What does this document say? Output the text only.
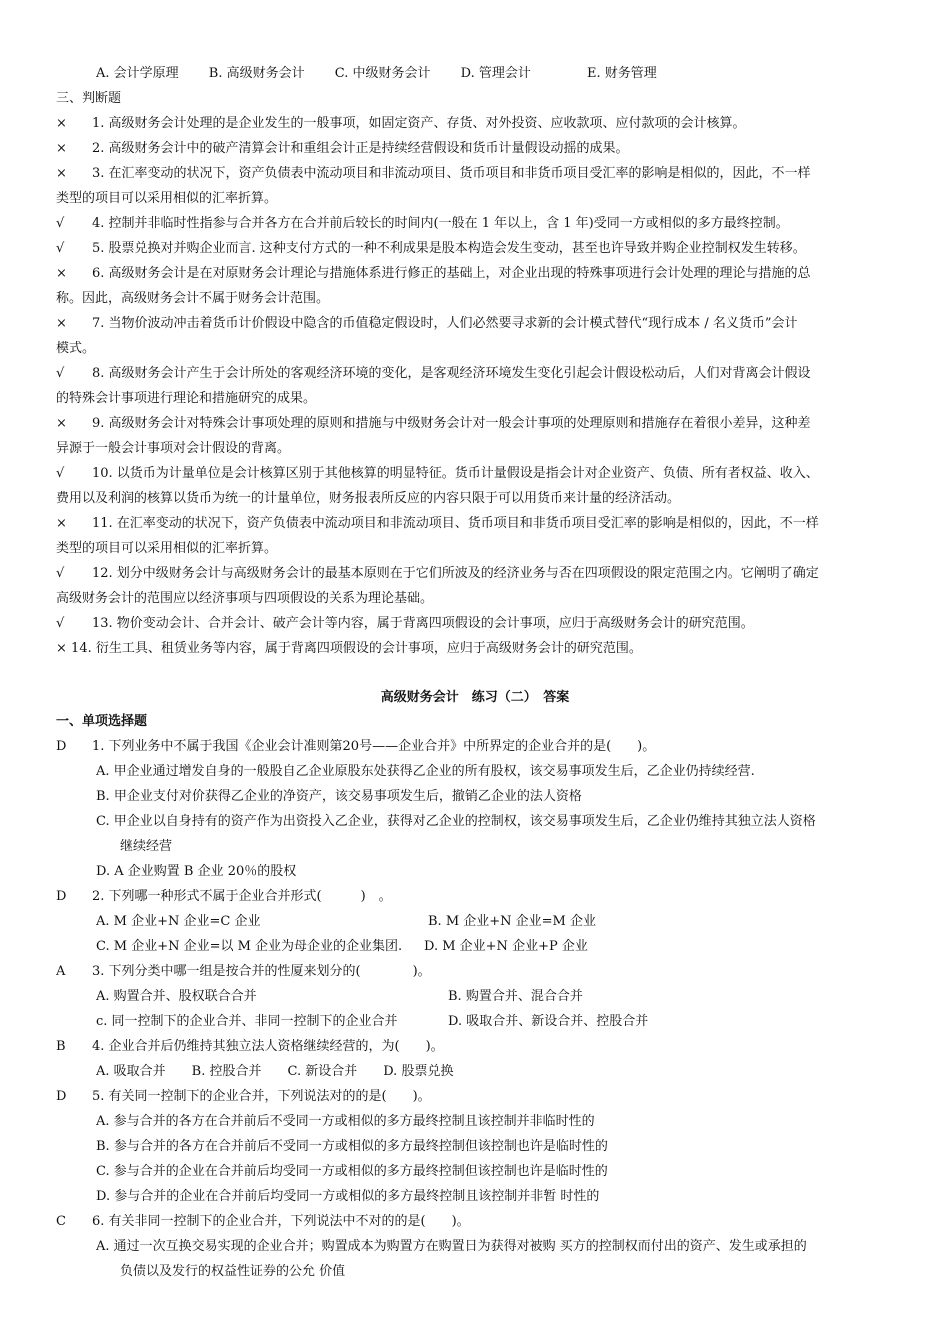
A. 会计学原理 B. 高级财务会计 C. 中级财务会计 D. 管理会计	E. 财务管理
三、判断题
× 1. 高级财务会计处理的是企业发生的一般事项，如固定资产、存货、对外投资、应收款项、应付款项的会计核算。
× 2. 高级财务会计中的破产清算会计和重组会计正是持续经营假设和货币计量假设动摇的成果。
× 3. 在汇率变动的状况下，资产负债表中流动项目和非流动项目、货币项目和非货币项目受汇率的影响是相似的，因此，不一样
类型的项目可以采用相似的汇率折算。
√ 4. 控制并非临时性指参与合并各方在合并前后较长的时间内(一般在 1 年以上，含 1 年)受同一方或相似的多方最终控制。
√ 5. 股票兑换对并购企业而言. 这种支付方式的一种不利成果是股本构造会发生变动，甚至也许导致并购企业控制权发生转移。
× 6. 高级财务会计是在对原财务会计理论与措施体系进行修正的基础上，对企业出现的特殊事项进行会计处理的理论与措施的总
称。因此，高级财务会计不属于财务会计范围。
× 7. 当物价波动冲击着货币计价假设中隐含的币值稳定假设时，人们必然要寻求新的会计模式替代“现行成本 / 名义货币”会计
模式。
√ 8. 高级财务会计产生于会计所处的客观经济环境的变化，是客观经济环境发生变化引起会计假设松动后，人们对背离会计假设
的特殊会计事项进行理论和措施研究的成果。
× 9. 高级财务会计对特殊会计事项处理的原则和措施与中级财务会计对一般会计事项的处理原则和措施存在着很小差异，这种差
异源于一般会计事项对会计假设的背离。
√ 10. 以货币为计量单位是会计核算区别于其他核算的明显特征。货币计量假设是指会计对企业资产、负债、所有者权益、收入、
费用以及利润的核算以货币为统一的计量单位，财务报表所反应的内容只限于可以用货币来计量的经济活动。
× 11. 在汇率变动的状况下，资产负债表中流动项目和非流动项目、货币项目和非货币项目受汇率的影响是相似的，因此，不一样
类型的项目可以采用相似的汇率折算。
√ 12. 划分中级财务会计与高级财务会计的最基本原则在于它们所波及的经济业务与否在四项假设的限定范围之内。它阐明了确定
高级财务会计的范围应以经济事项与四项假设的关系为理论基础。
√ 13. 物价变动会计、合并会计、破产会计等内容，属于背离四项假设的会计事项，应归于高级财务会计的研究范围。
× 14. 衍生工具、租赁业务等内容，属于背离四项假设的会计事项，应归于高级财务会计的研究范围。
高级财务会计　练习（二）　答案
一、单项选择题
D 1. 下列业务中不属于我国《企业会计准则第20号——企业合并》中所界定的企业合并的是(　　)。
A. 甲企业通过增发自身的一般股自乙企业原股东处获得乙企业的所有股权，该交易事项发生后，乙企业仍持续经营.
B. 甲企业支付对价获得乙企业的净资产，该交易事项发生后，撤销乙企业的法人资格
C. 甲企业以自身持有的资产作为出资投入乙企业，获得对乙企业的控制权，该交易事项发生后，乙企业仍维持其独立法人资格
继续经营
D. A 企业购置 B 企业 20％的股权
D 2. 下列哪一种形式不属于企业合并形式(　　　)　。
A. M 企业+N 企业=C 企业	B. M 企业+N 企业=M 企业
C. M 企业+N 企业=以 M 企业为母企业的企业集团. D. M 企业+N 企业+P 企业
A 3. 下列分类中哪一组是按合并的性厦来划分的(　　　　)。
A. 购置合并、股权联合合并	B. 购置合并、混合合并
c. 同一控制下的企业合并、非同一控制下的企业合并	D. 吸取合并、新设合并、控股合并
B 4. 企业合并后仍维持其独立法人资格继续经营的，为(　　)。
A. 吸取合并　　B. 控股合并　　C. 新设合并　　D. 股票兑换
D 5. 有关同一控制下的企业合并，下列说法对的的是(　　)。
A. 参与合并的各方在合并前后不受同一方或相似的多方最终控制且该控制并非临时性的
B. 参与合并的各方在合并前后不受同一方或相似的多方最终控制但该控制也许是临时性的
C. 参与合并的企业在合并前后均受同一方或相似的多方最终控制但该控制也许是临时性的
D. 参与合并的企业在合并前后均受同一方或相似的多方最终控制且该控制并非暂 时性的
C 6. 有关非同一控制下的企业合并，下列说法中不对的的是(　　)。
A. 通过一次互换交易实现的企业合并；购置成本为购置方在购置日为获得对被购 买方的控制权而付出的资产、发生或承担的
负债以及发行的权益性证券的公允 价值
